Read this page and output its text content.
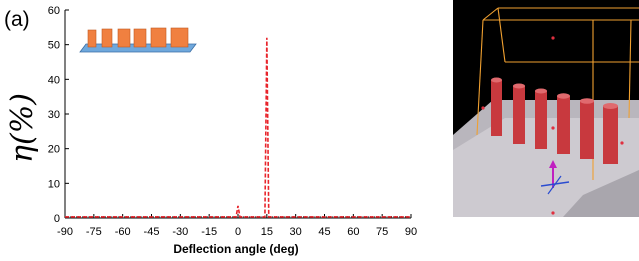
(a)
-90 -75 -60 -45 -30 -15 0 15 30 45 60 75 90
0
10
20
30
40
50
60
η(%)
Deflection angle (deg)
